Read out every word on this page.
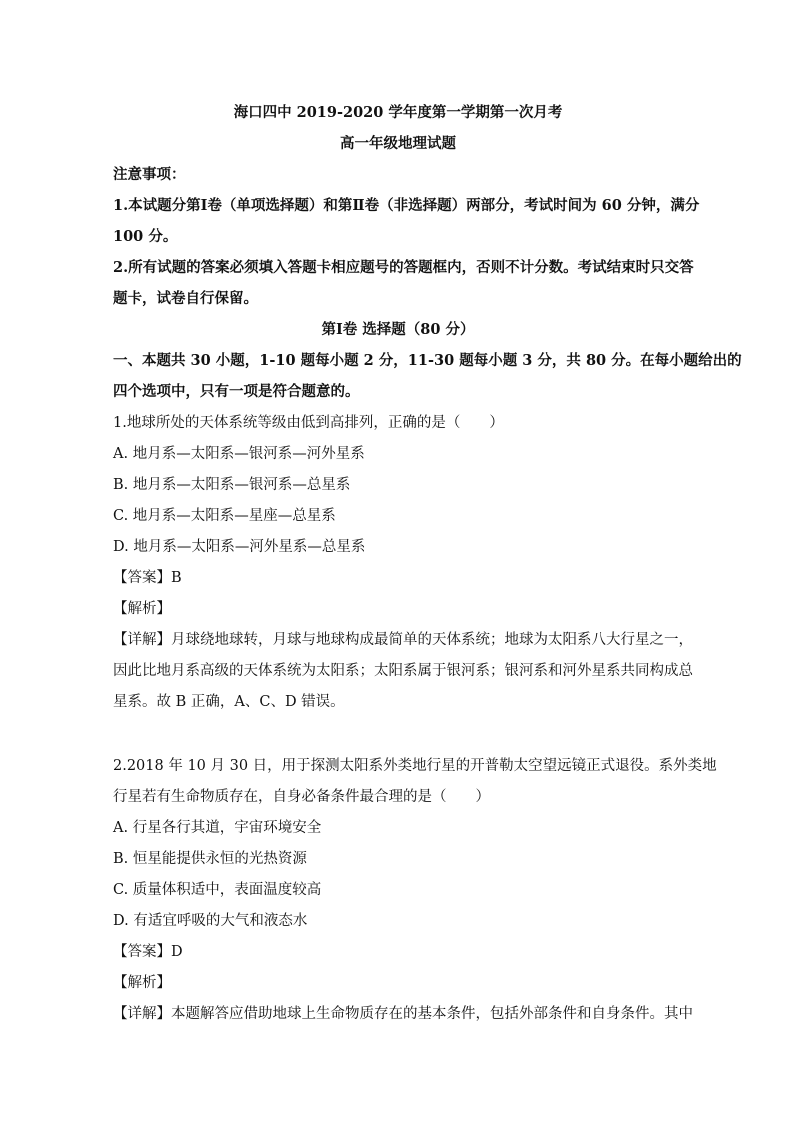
海口四中 2019-2020 学年度第一学期第一次月考
高一年级地理试题
注意事项：
1.本试题分第Ⅰ卷（单项选择题）和第Ⅱ卷（非选择题）两部分，考试时间为 60 分钟，满分
100 分。
2.所有试题的答案必须填入答题卡相应题号的答题框内，否则不计分数。考试结束时只交答
题卡，试卷自行保留。
第Ⅰ卷 选择题（80 分）
一、本题共 30 小题，1-10 题每小题 2 分，11-30 题每小题 3 分，共 80 分。在每小题给出的
四个选项中，只有一项是符合题意的。
1.地球所处的天体系统等级由低到高排列，正确的是（　　）
A. 地月系—太阳系—银河系—河外星系
B. 地月系—太阳系—银河系—总星系
C. 地月系—太阳系—星座—总星系
D. 地月系—太阳系—河外星系—总星系
【答案】B
【解析】
【详解】月球绕地球转，月球与地球构成最简单的天体系统；地球为太阳系八大行星之一，
因此比地月系高级的天体系统为太阳系；太阳系属于银河系；银河系和河外星系共同构成总
星系。故 B 正确，A、C、D 错误。
2.2018 年 10 月 30 日，用于探测太阳系外类地行星的开普勒太空望远镜正式退役。系外类地
行星若有生命物质存在，自身必备条件最合理的是（　　）
A. 行星各行其道，宇宙环境安全
B. 恒星能提供永恒的光热资源
C. 质量体积适中，表面温度较高
D. 有适宜呼吸的大气和液态水
【答案】D
【解析】
【详解】本题解答应借助地球上生命物质存在的基本条件，包括外部条件和自身条件。其中
